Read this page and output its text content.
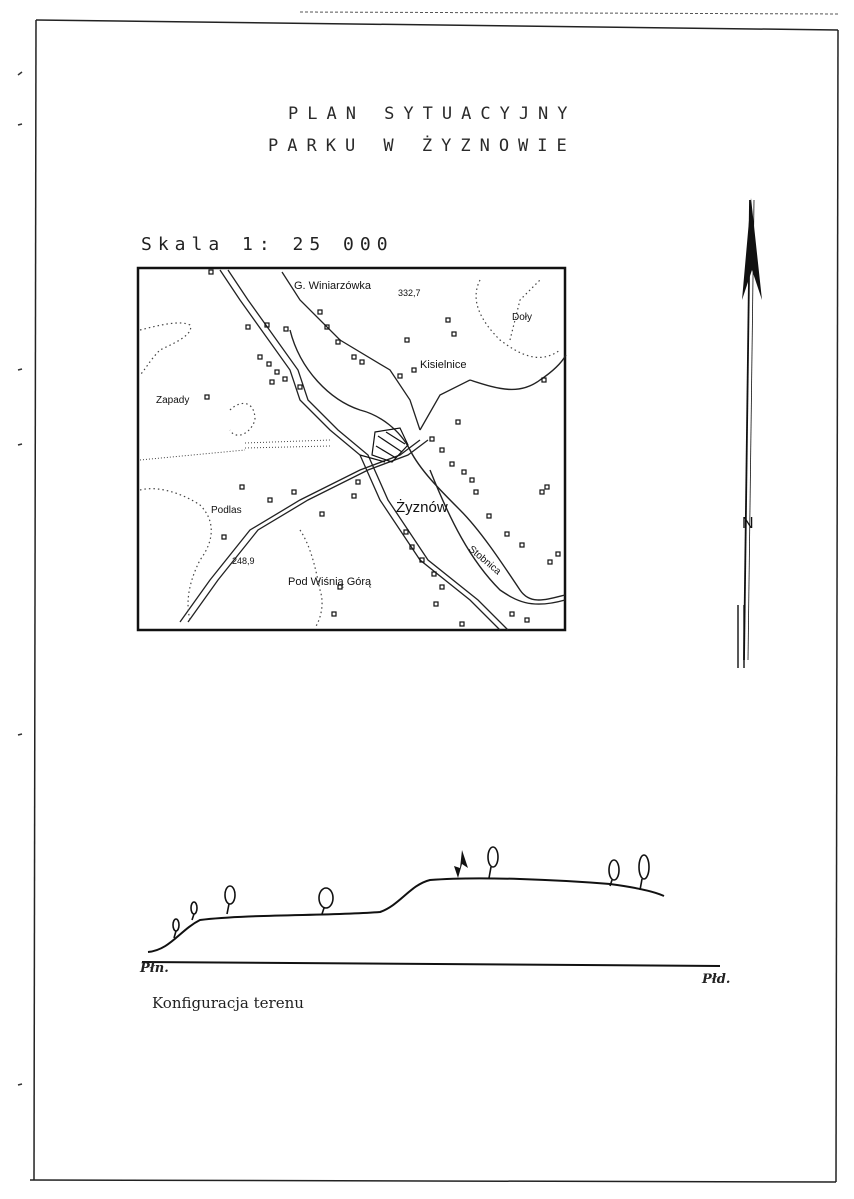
PLAN SYTUACYJNY
PARKU W ŻYZNOWIE
Skala 1: 25 000
G. Winiarzówka
332,7
Doły
Kisielnice
Zapady
Podlas	Żyznów
248,9	Stobnica
Pod Wiśnią Górą
N
Płn.
Płd.
Konfiguracja terenu
